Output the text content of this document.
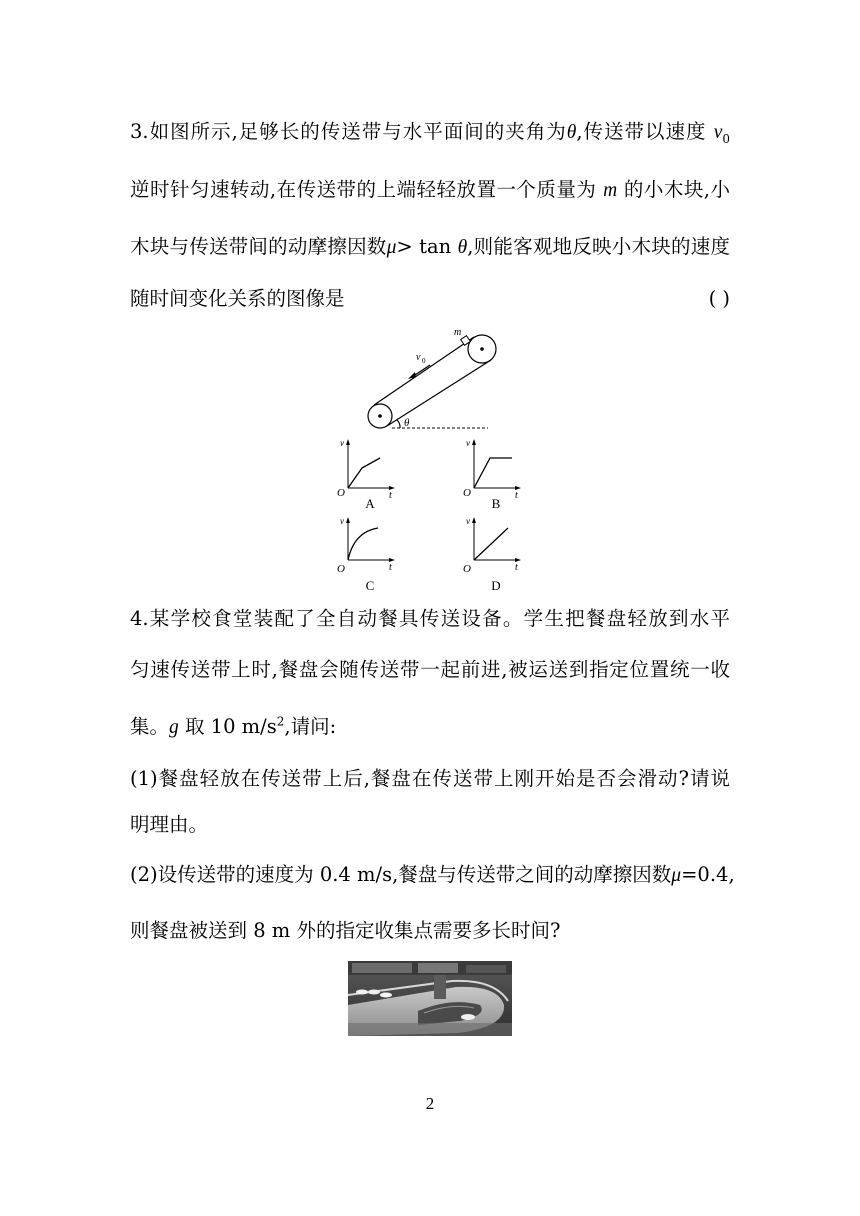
3.如图所示,足够长的传送带与水平面间的夹角为θ,传送带以速度 $v_0$
逆时针匀速转动,在传送带的上端轻轻放置一个质量为 m 的小木块,小
木块与传送带间的动摩擦因数μ> tan θ,则能客观地反映小木块的速度
随时间变化关系的图像是	( )
m
v 0
θ
v
t
O
A
v
t
O
B
v
t
O
C
v
t
O
D
4.某学校食堂装配了全自动餐具传送设备。学生把餐盘轻放到水平
匀速传送带上时,餐盘会随传送带一起前进,被运送到指定位置统一收
集。g 取 10 $m/s^2$,请问:
(1)餐盘轻放在传送带上后,餐盘在传送带上刚开始是否会滑动?请说
明理由。
(2)设传送带的速度为 0.4 m/s,餐盘与传送带之间的动摩擦因数μ=0.4,
则餐盘被送到 8 m 外的指定收集点需要多长时间?
2
